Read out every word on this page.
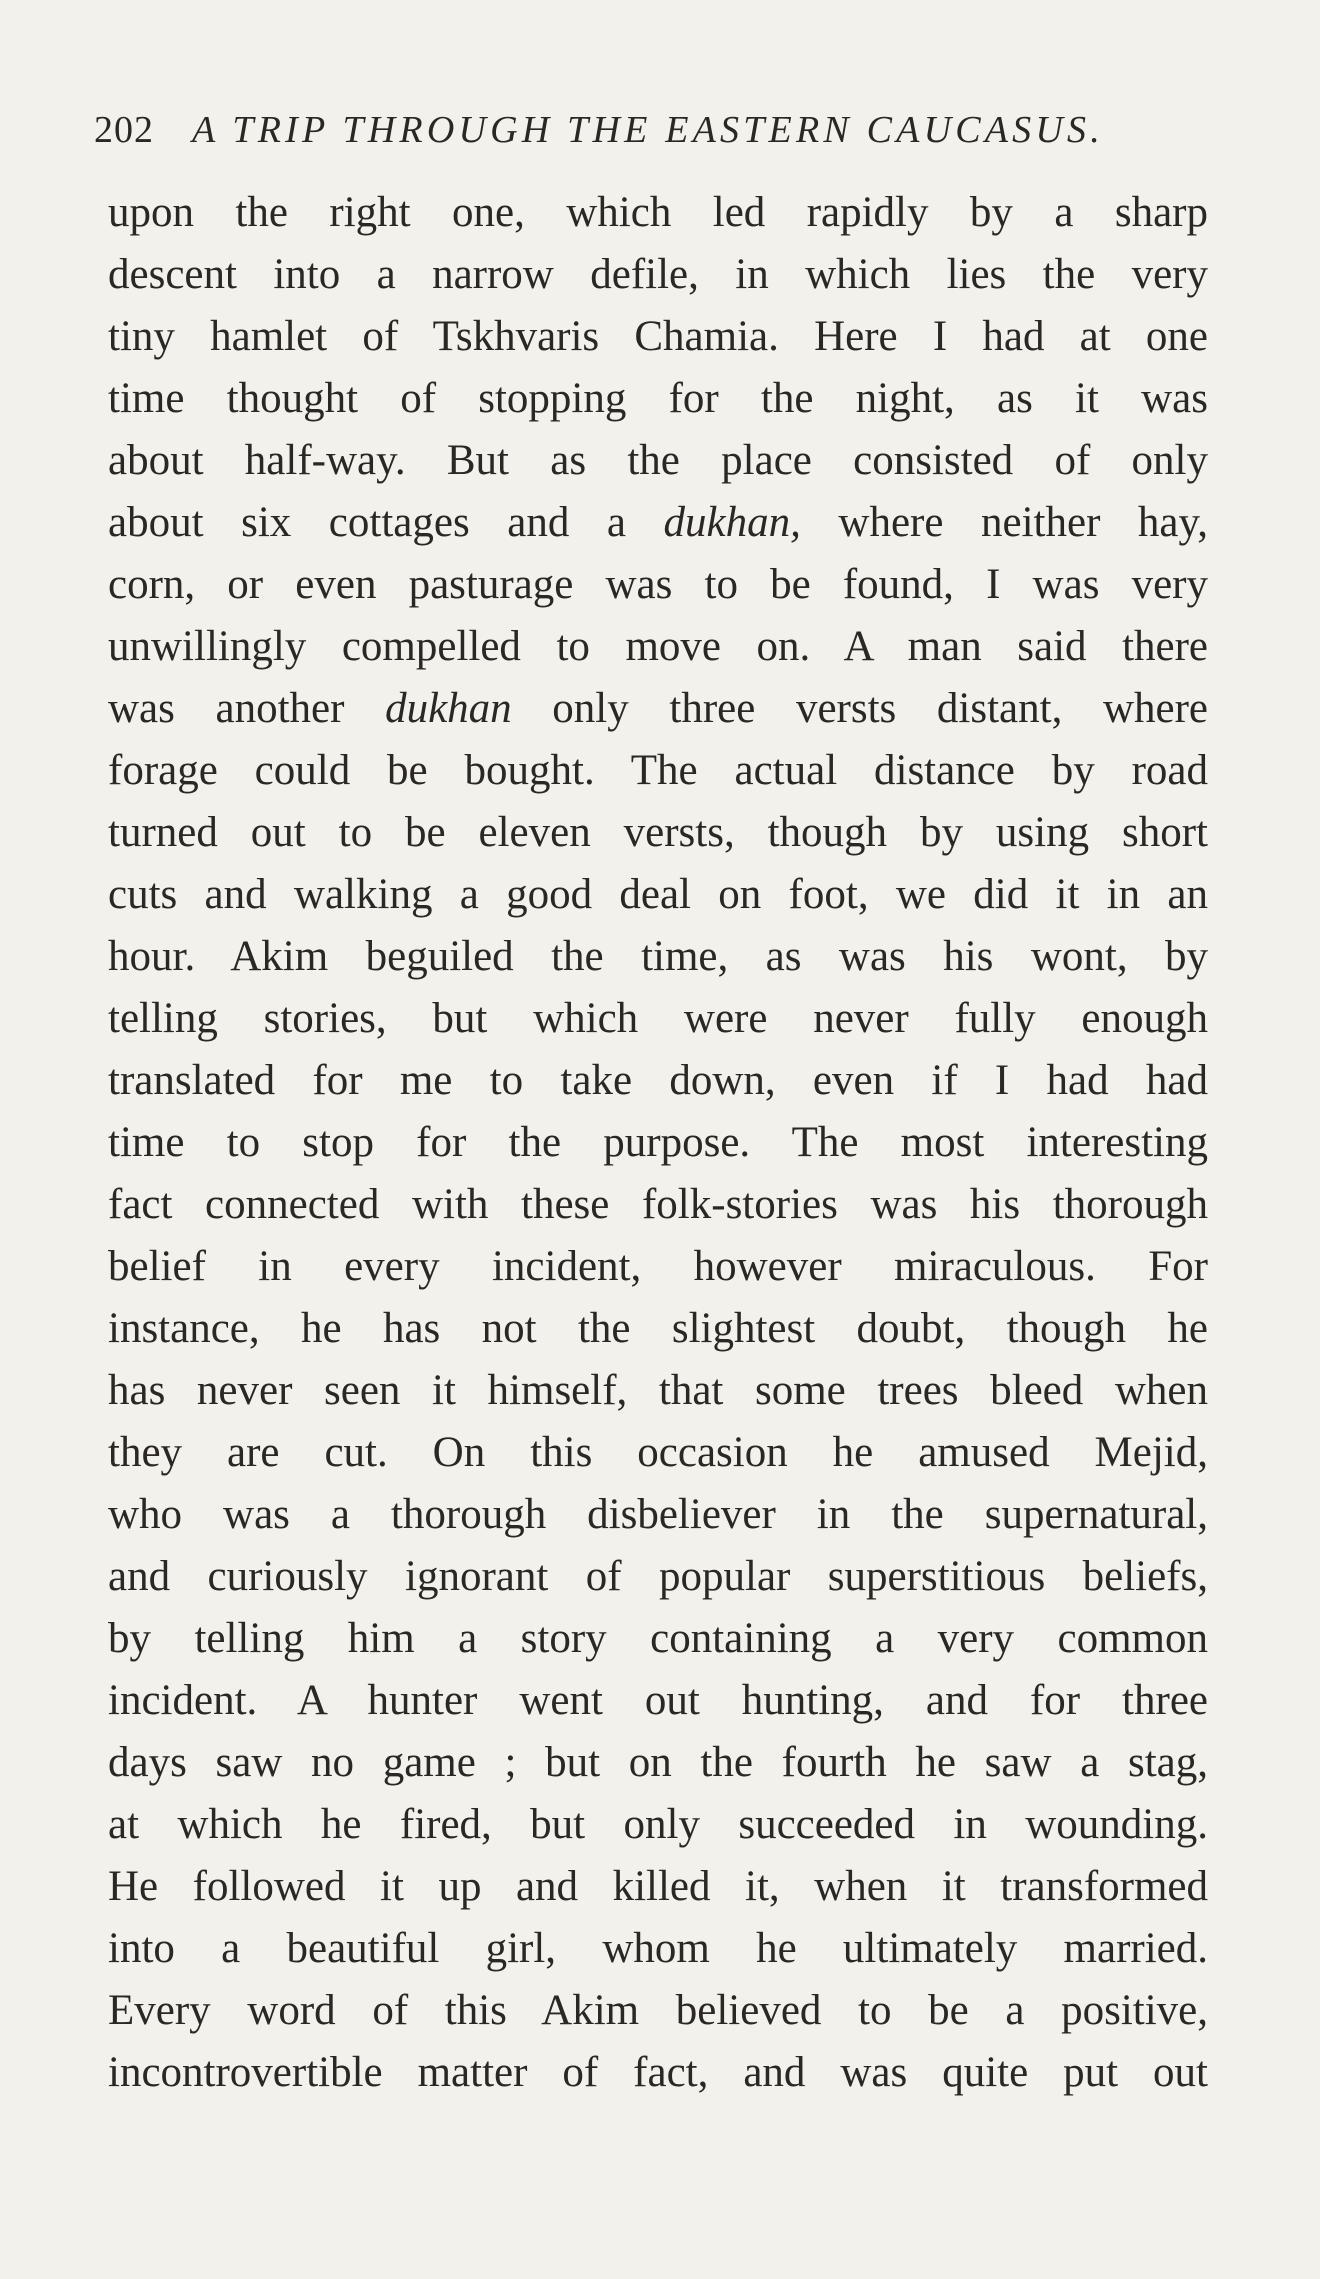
202 A TRIP THROUGH THE EASTERN CAUCASUS.
upon the right one, which led rapidly by a sharp
descent into a narrow defile, in which lies the very
tiny hamlet of Tskhvaris Chamia. Here I had at one
time thought of stopping for the night, as it was
about half-way. But as the place consisted of only
about six cottages and a dukhan, where neither hay,
corn, or even pasturage was to be found, I was very
unwillingly compelled to move on. A man said there
was another dukhan only three versts distant, where
forage could be bought. The actual distance by road
turned out to be eleven versts, though by using short
cuts and walking a good deal on foot, we did it in an
hour. Akim beguiled the time, as was his wont, by
telling stories, but which were never fully enough
translated for me to take down, even if I had had
time to stop for the purpose. The most interesting
fact connected with these folk-stories was his thorough
belief in every incident, however miraculous. For
instance, he has not the slightest doubt, though he
has never seen it himself, that some trees bleed when
they are cut. On this occasion he amused Mejid,
who was a thorough disbeliever in the supernatural,
and curiously ignorant of popular superstitious beliefs,
by telling him a story containing a very common
incident. A hunter went out hunting, and for three
days saw no game ; but on the fourth he saw a stag,
at which he fired, but only succeeded in wounding.
He followed it up and killed it, when it transformed
into a beautiful girl, whom he ultimately married.
Every word of this Akim believed to be a positive,
incontrovertible matter of fact, and was quite put out
